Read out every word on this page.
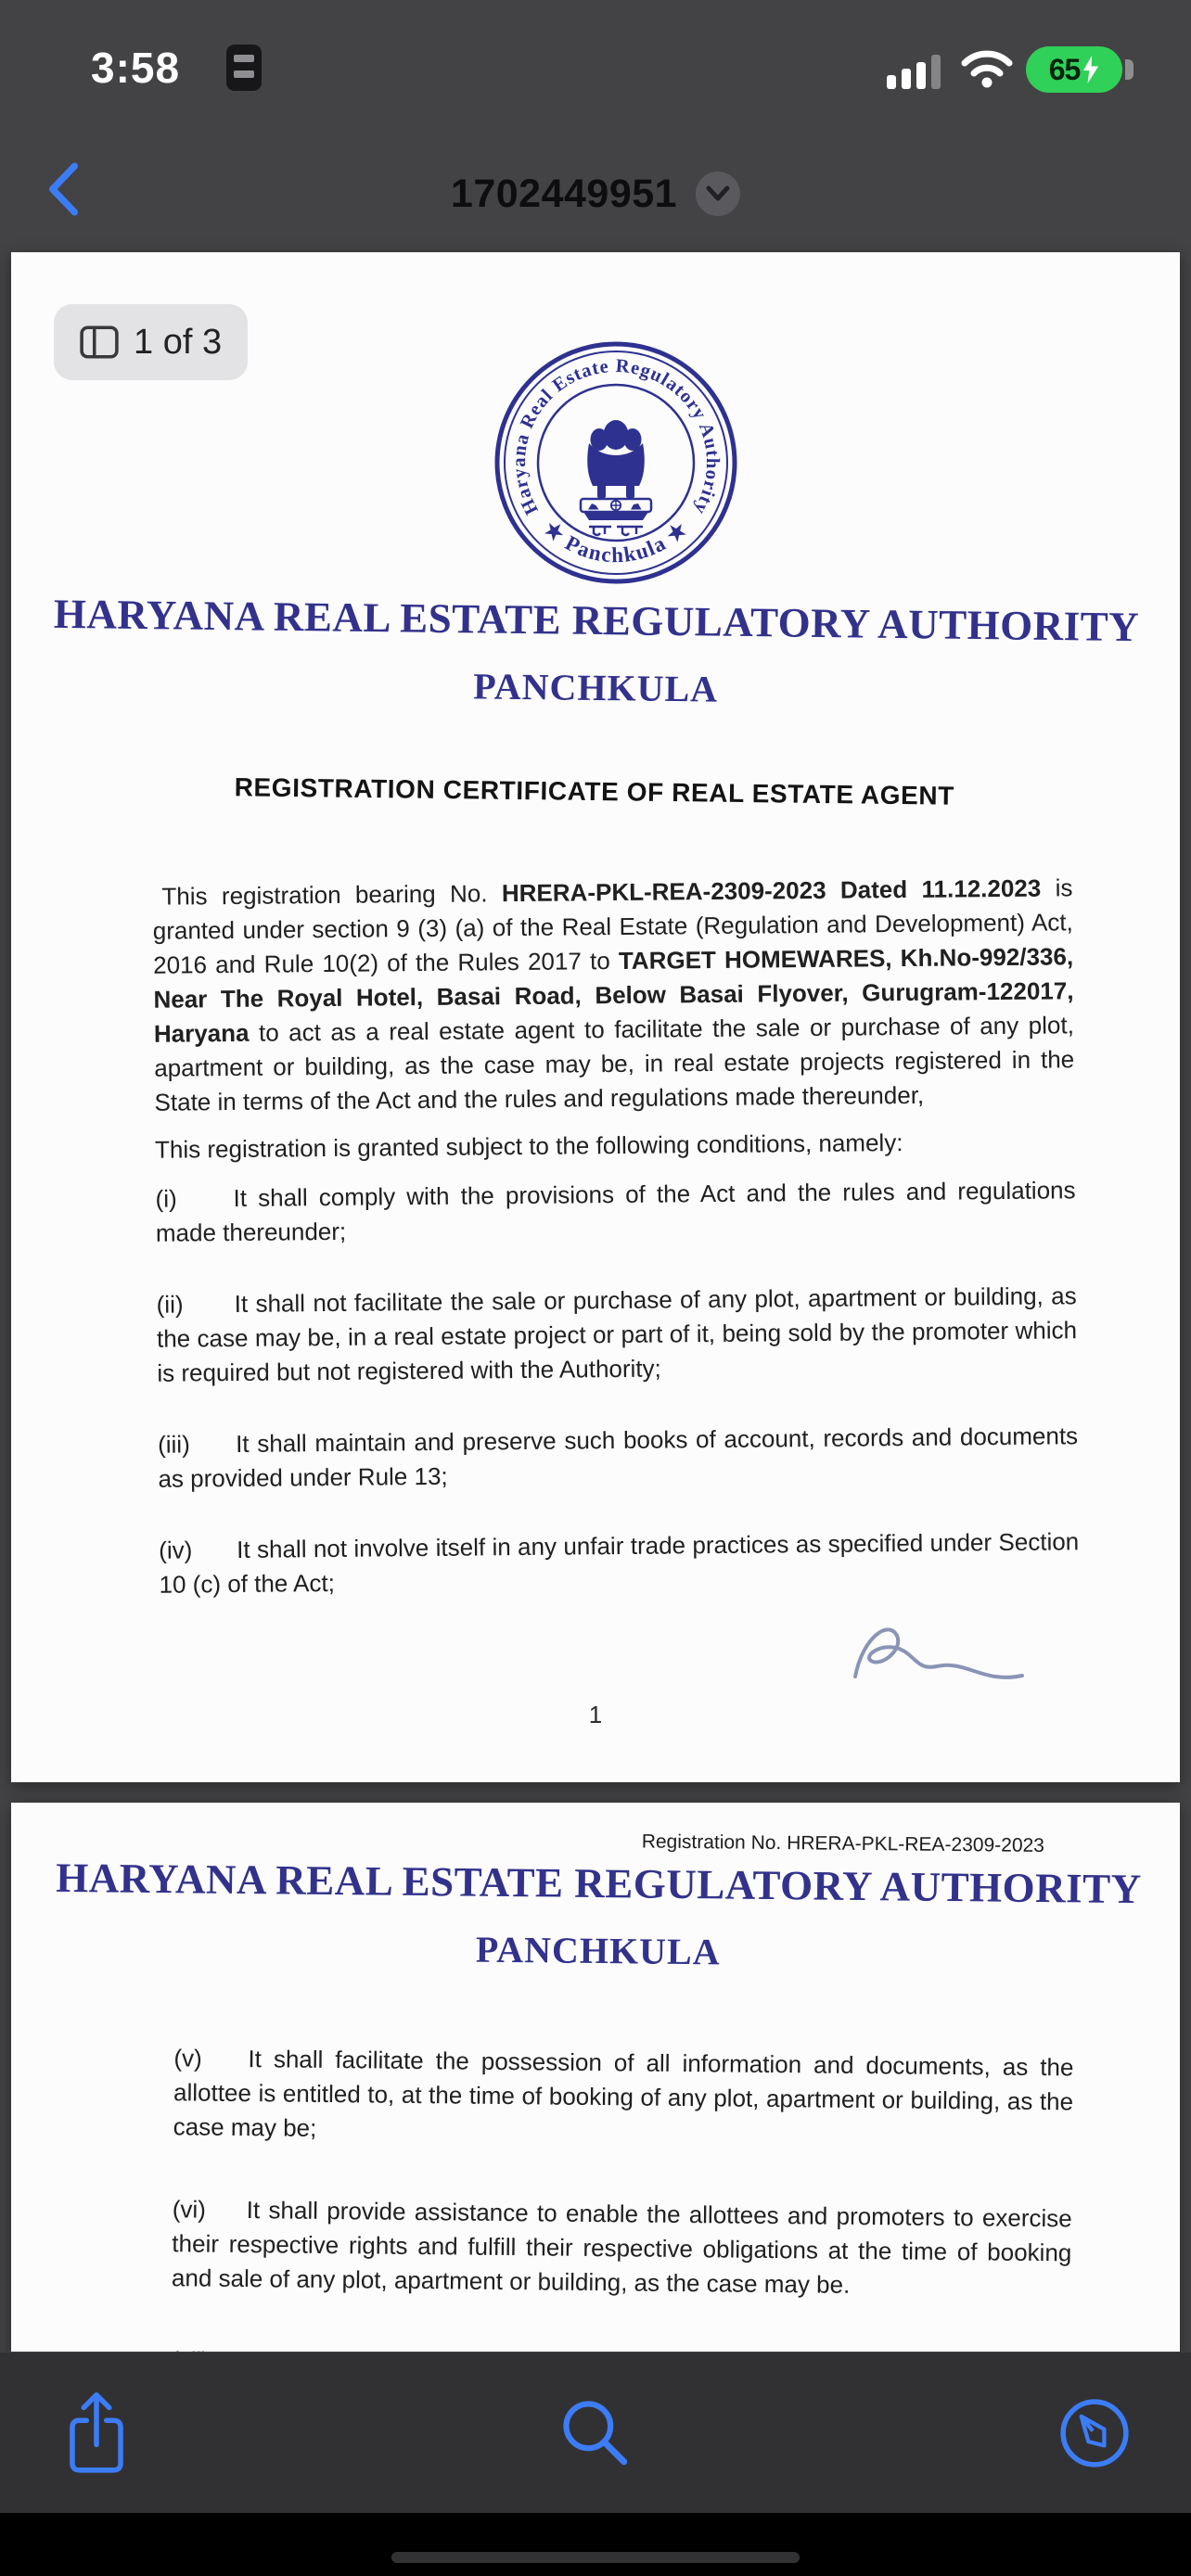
3:58	65
1702449951
1 of 3
Haryana Real Estate Regulatory Authority
★ Panchkula ★
HARYANA REAL ESTATE REGULATORY AUTHORITY
PANCHKULA
REGISTRATION CERTIFICATE OF REAL ESTATE AGENT

This registration bearing No. HRERA-PKL-REA-2309-2023 Dated 11.12.2023 is granted under section 9 (3) (a) of the Real Estate (Regulation and Development) Act, 2016 and Rule 10(2) of the Rules 2017 to TARGET HOMEWARES, Kh.No-992/336, Near The Royal Hotel, Basai Road, Below Basai Flyover, Gurugram-122017, Haryana to act as a real estate agent to facilitate the sale or purchase of any plot, apartment or building, as the case may be, in real estate projects registered in the State in terms of the Act and the rules and regulations made thereunder,

This registration is granted subject to the following conditions, namely:

(i) It shall comply with the provisions of the Act and the rules and regulations made thereunder;
(ii) It shall not facilitate the sale or purchase of any plot, apartment or building, as the case may be, in a real estate project or part of it, being sold by the promoter which is required but not registered with the Authority;
(iii) It shall maintain and preserve such books of account, records and documents as provided under Rule 13;
(iv) It shall not involve itself in any unfair trade practices as specified under Section 10 (c) of the Act;
1
Registration No. HRERA-PKL-REA-2309-2023
HARYANA REAL ESTATE REGULATORY AUTHORITY
PANCHKULA
(v) It shall facilitate the possession of all information and documents, as the allottee is entitled to, at the time of booking of any plot, apartment or building, as the case may be;
(vi) It shall provide assistance to enable the allottees and promoters to exercise their respective rights and fulfill their respective obligations at the time of booking and sale of any plot, apartment or building, as the case may be.
